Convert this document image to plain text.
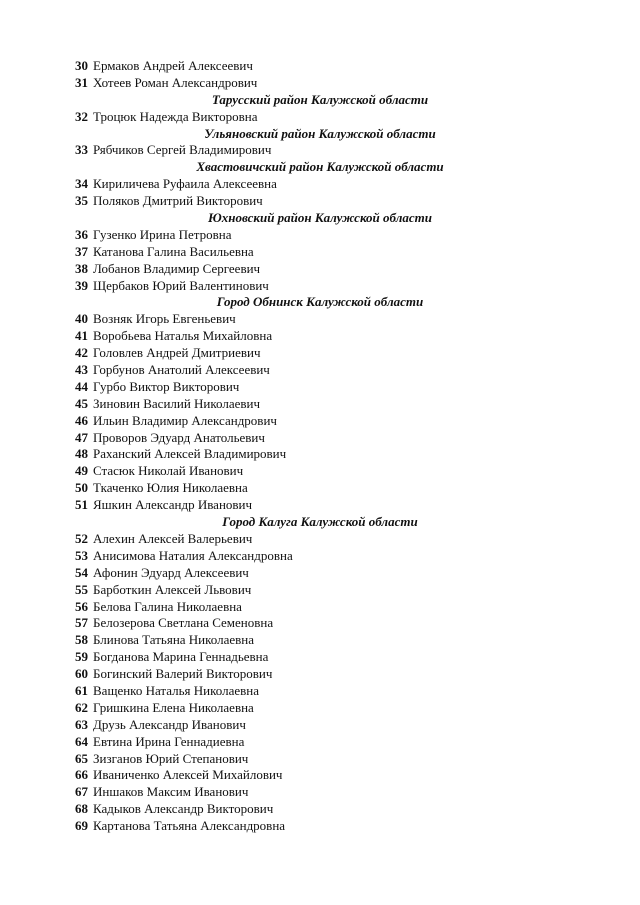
30 Ермаков Андрей Алексеевич
31 Хотеев Роман Александрович
Тарусский район Калужской области
32 Троцюк Надежда Викторовна
Ульяновский район Калужской области
33 Рябчиков Сергей Владимирович
Хвастовичский район Калужской области
34 Кириличева Руфаила Алексеевна
35 Поляков Дмитрий Викторович
Юхновский район Калужской области
36 Гузенко Ирина Петровна
37 Катанова Галина Васильевна
38 Лобанов Владимир Сергеевич
39 Щербаков Юрий Валентинович
Город Обнинск Калужской области
40 Возняк Игорь Евгеньевич
41 Воробьева Наталья Михайловна
42 Головлев Андрей Дмитриевич
43 Горбунов Анатолий Алексеевич
44 Гурбо Виктор Викторович
45 Зиновин Василий Николаевич
46 Ильин Владимир Александрович
47 Проворов Эдуард Анатольевич
48 Раханский Алексей Владимирович
49 Стасюк Николай Иванович
50 Ткаченко Юлия Николаевна
51 Яшкин Александр Иванович
Город Калуга Калужской области
52 Алехин Алексей Валерьевич
53 Анисимова Наталия Александровна
54 Афонин Эдуард Алексеевич
55 Барботкин Алексей Львович
56 Белова Галина Николаевна
57 Белозерова Светлана Семеновна
58 Блинова Татьяна Николаевна
59 Богданова Марина Геннадьевна
60 Богинский Валерий Викторович
61 Ващенко Наталья Николаевна
62 Гришкина Елена Николаевна
63 Друзь Александр Иванович
64 Евтина Ирина Геннадиевна
65 Зизганов Юрий Степанович
66 Иваниченко Алексей Михайлович
67 Иншаков Максим Иванович
68 Кадыков Александр Викторович
69 Картанова Татьяна Александровна
